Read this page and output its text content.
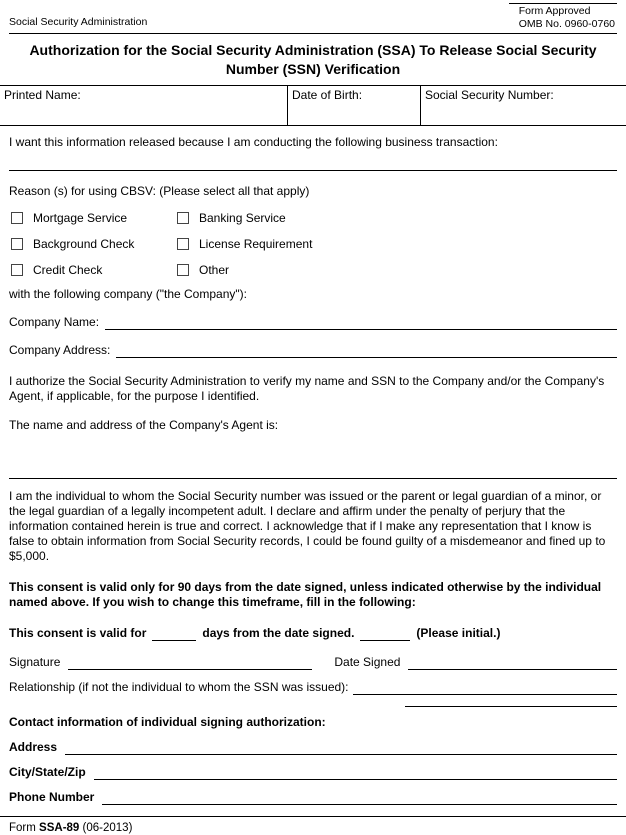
Social Security Administration
Form Approved
OMB No. 0960-0760
Authorization for the Social Security Administration (SSA) To Release Social Security Number (SSN) Verification
Printed Name:	Date of Birth:	Social Security Number:

I want this information released because I am conducting the following business transaction:

Reason (s) for using CBSV: (Please select all that apply)

Mortgage Service	Banking Service
Background Check	License Requirement
Credit Check	Other

with the following company ("the Company"):

Company Name:
Company Address:

I authorize the Social Security Administration to verify my name and SSN to the Company and/or the Company's Agent, if applicable, for the purpose I identified.

The name and address of the Company's Agent is:

I am the individual to whom the Social Security number was issued or the parent or legal guardian of a minor, or the legal guardian of a legally incompetent adult. I declare and affirm under the penalty of perjury that the information contained herein is true and correct. I acknowledge that if I make any representation that I know is false to obtain information from Social Security records, I could be found guilty of a misdemeanor and fined up to $5,000.

This consent is valid only for 90 days from the date signed, unless indicated otherwise by the individual named above. If you wish to change this timeframe, fill in the following:

This consent is valid for	days from the date signed.	(Please initial.)
Signature	Date Signed
Relationship (if not the individual to whom the SSN was issued):

Contact information of individual signing authorization:

Address
City/State/Zip
Phone Number
Form SSA-89 (06-2013)
